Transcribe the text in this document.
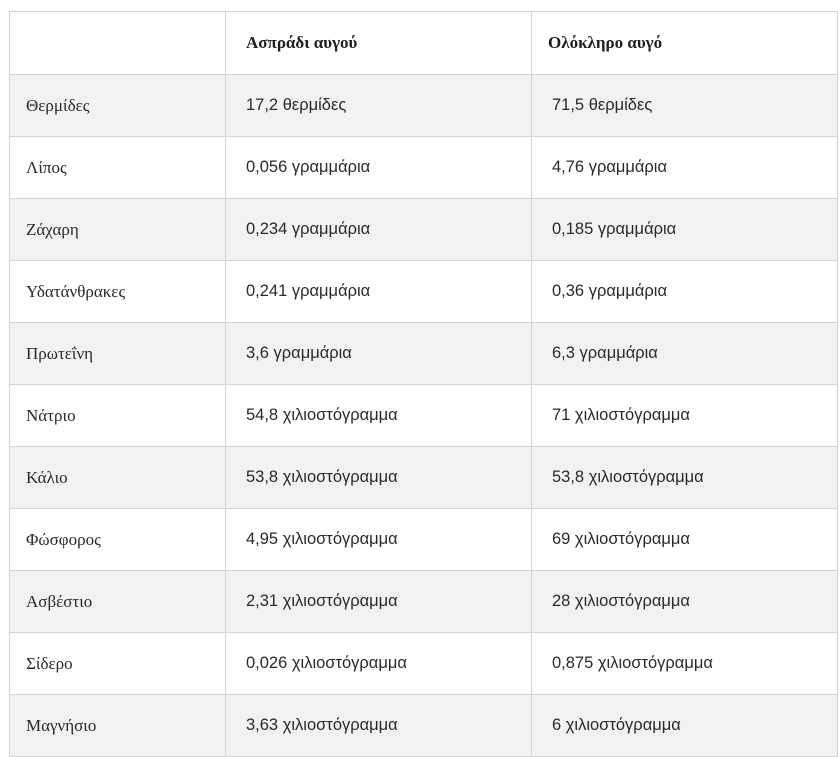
	Ασπράδι αυγού	Ολόκληρο αυγό
Θερμίδες	17,2 θερμίδες	71,5 θερμίδες
Λίπος	0,056 γραμμάρια	4,76 γραμμάρια
Ζάχαρη	0,234 γραμμάρια	0,185 γραμμάρια
Υδατάνθρακες	0,241 γραμμάρια	0,36 γραμμάρια
Πρωτεΐνη	3,6 γραμμάρια	6,3 γραμμάρια
Νάτριο	54,8 χιλιοστόγραμμα	71 χιλιοστόγραμμα
Κάλιο	53,8 χιλιοστόγραμμα	53,8 χιλιοστόγραμμα
Φώσφορος	4,95 χιλιοστόγραμμα	69 χιλιοστόγραμμα
Ασβέστιο	2,31 χιλιοστόγραμμα	28 χιλιοστόγραμμα
Σίδερο	0,026 χιλιοστόγραμμα	0,875 χιλιοστόγραμμα
Μαγνήσιο	3,63 χιλιοστόγραμμα	6 χιλιοστόγραμμα
